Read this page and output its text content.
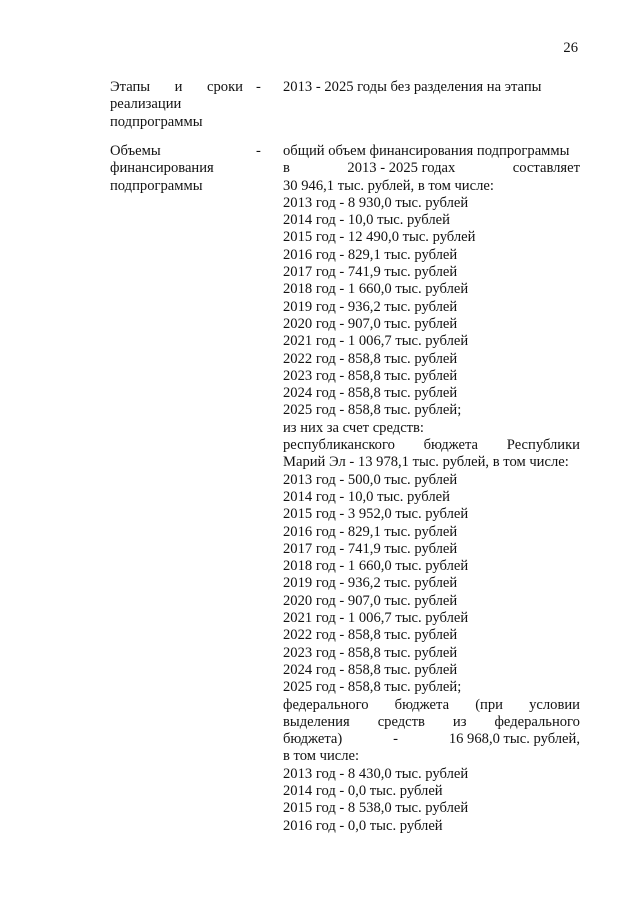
26
Этапы и сроки
реализации
подпрограммы
-	2013 - 2025 годы без разделения на этапы
Объемы
финансирования
подпрограммы
-	общий объем финансирования подпрограммы
в	2013 - 2025 годах	составляет
30 946,1 тыс. рублей, в том числе:
2013 год - 8 930,0 тыс. рублей
2014 год - 10,0 тыс. рублей
2015 год - 12 490,0 тыс. рублей
2016 год - 829,1 тыс. рублей
2017 год - 741,9 тыс. рублей
2018 год - 1 660,0 тыс. рублей
2019 год - 936,2 тыс. рублей
2020 год - 907,0 тыс. рублей
2021 год - 1 006,7 тыс. рублей
2022 год - 858,8 тыс. рублей
2023 год - 858,8 тыс. рублей
2024 год - 858,8 тыс. рублей
2025 год - 858,8 тыс. рублей;
из них за счет средств:
республиканского бюджета Республики
Марий Эл - 13 978,1 тыс. рублей, в том числе:
2013 год - 500,0 тыс. рублей
2014 год - 10,0 тыс. рублей
2015 год - 3 952,0 тыс. рублей
2016 год - 829,1 тыс. рублей
2017 год - 741,9 тыс. рублей
2018 год - 1 660,0 тыс. рублей
2019 год - 936,2 тыс. рублей
2020 год - 907,0 тыс. рублей
2021 год - 1 006,7 тыс. рублей
2022 год - 858,8 тыс. рублей
2023 год - 858,8 тыс. рублей
2024 год - 858,8 тыс. рублей
2025 год - 858,8 тыс. рублей;
федерального бюджета (при условии
выделения средств из федерального
бюджета)	-	16 968,0 тыс. рублей,
в том числе:
2013 год - 8 430,0 тыс. рублей
2014 год - 0,0 тыс. рублей
2015 год - 8 538,0 тыс. рублей
2016 год - 0,0 тыс. рублей
